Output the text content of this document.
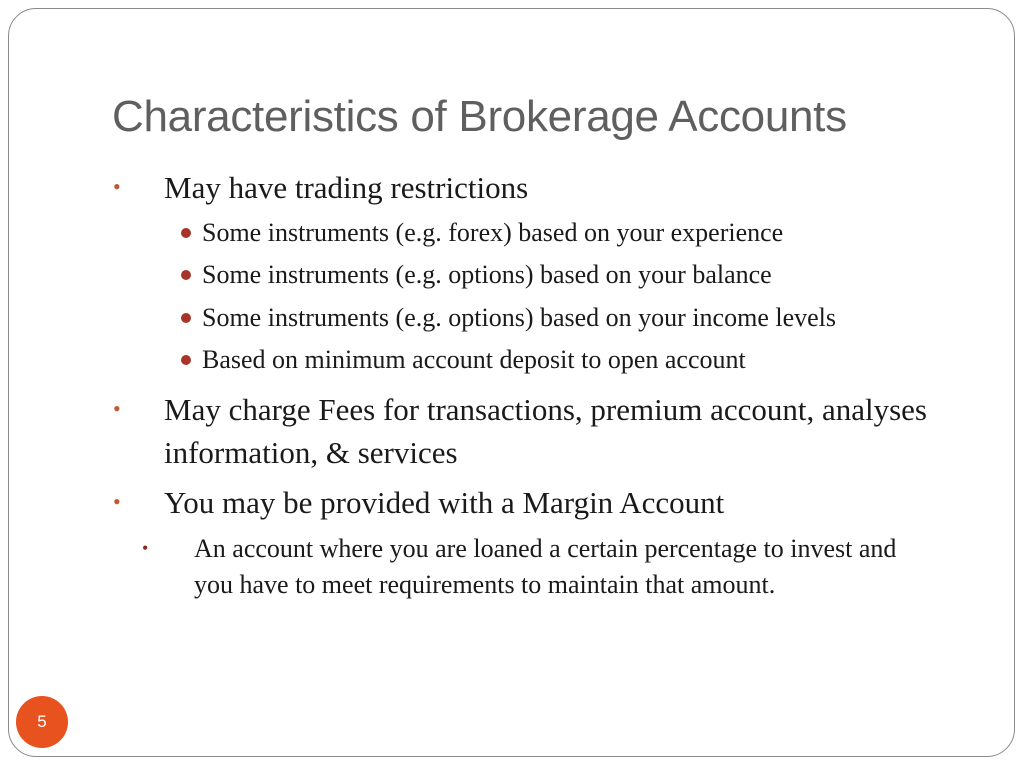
Characteristics of Brokerage Accounts
• May have trading restrictions
Some instruments (e.g. forex) based on your experience
Some instruments (e.g. options) based on your balance
Some instruments (e.g. options) based on your income levels
Based on minimum account deposit to open account
• May charge Fees for transactions, premium account, analyses information, & services
• You may be provided with a Margin Account
• An account where you are loaned a certain percentage to invest and you have to meet requirements to maintain that amount.
5
